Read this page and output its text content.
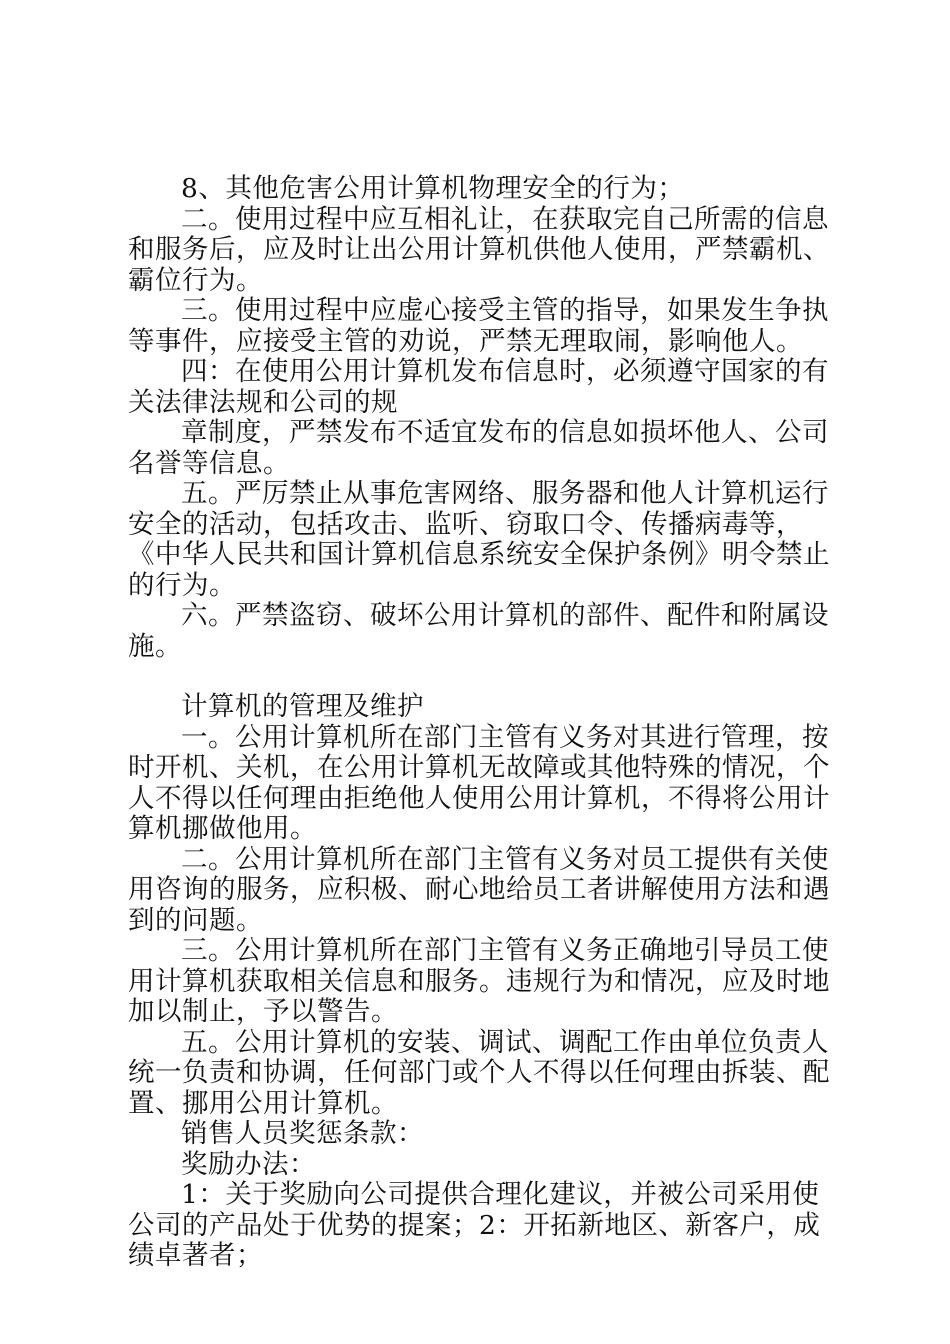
8、其他危害公用计算机物理安全的行为；

二。使用过程中应互相礼让，在获取完自己所需的信息和服务后，应及时让出公用计算机供他人使用，严禁霸机、霸位行为。

三。使用过程中应虚心接受主管的指导，如果发生争执等事件，应接受主管的劝说，严禁无理取闹，影响他人。

四：在使用公用计算机发布信息时，必须遵守国家的有关法律法规和公司的规

章制度，严禁发布不适宜发布的信息如损坏他人、公司名誉等信息。

五。严厉禁止从事危害网络、服务器和他人计算机运行安全的活动，包括攻击、监听、窃取口令、传播病毒等，《中华人民共和国计算机信息系统安全保护条例》明令禁止的行为。

六。严禁盗窃、破坏公用计算机的部件、配件和附属设施。

计算机的管理及维护

一。公用计算机所在部门主管有义务对其进行管理，按时开机、关机，在公用计算机无故障或其他特殊的情况，个人不得以任何理由拒绝他人使用公用计算机，不得将公用计算机挪做他用。

二。公用计算机所在部门主管有义务对员工提供有关使用咨询的服务，应积极、耐心地给员工者讲解使用方法和遇到的问题。

三。公用计算机所在部门主管有义务正确地引导员工使用计算机获取相关信息和服务。违规行为和情况，应及时地加以制止，予以警告。

五。公用计算机的安装、调试、调配工作由单位负责人统一负责和协调，任何部门或个人不得以任何理由拆装、配置、挪用公用计算机。

销售人员奖惩条款：

奖励办法：

1：关于奖励向公司提供合理化建议，并被公司采用使公司的产品处于优势的提案；2：开拓新地区、新客户，成绩卓著者；
